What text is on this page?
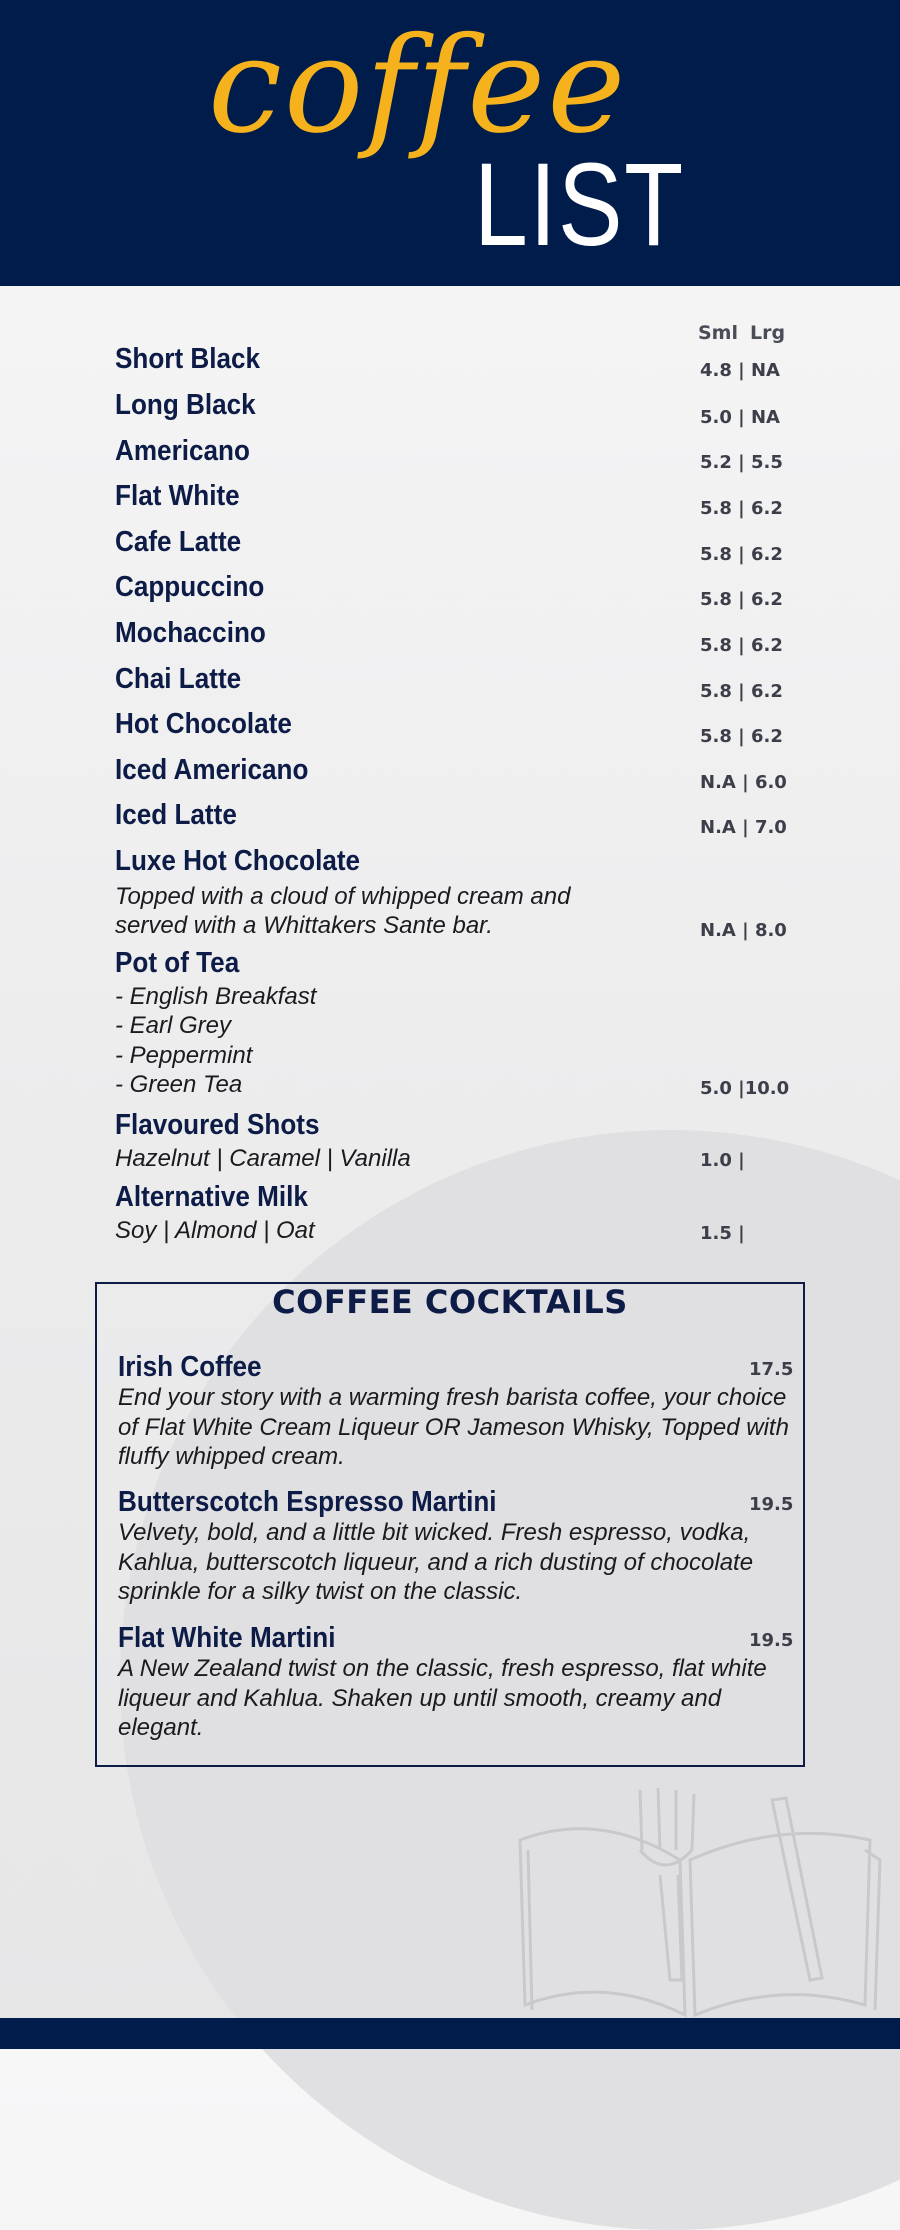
coffee
LIST
Sml Lrg
Short Black	4.8 | NA
Long Black	5.0 | NA
Americano	5.2 | 5.5
Flat White	5.8 | 6.2
Cafe Latte	5.8 | 6.2
Cappuccino	5.8 | 6.2
Mochaccino	5.8 | 6.2
Chai Latte	5.8 | 6.2
Hot Chocolate	5.8 | 6.2
Iced Americano	N.A | 6.0
Iced Latte	N.A | 7.0
Luxe Hot Chocolate
Topped with a cloud of whipped cream and
served with a Whittakers Sante bar.	N.A | 8.0
Pot of Tea
- English Breakfast
- Earl Grey
- Peppermint
- Green Tea	5.0 |10.0
Flavoured Shots
Hazelnut | Caramel | Vanilla	1.0 |
Alternative Milk
Soy | Almond | Oat	1.5 |
COFFEE COCKTAILS
Irish Coffee	17.5
End your story with a warming fresh barista coffee, your choice of Flat White Cream Liqueur OR Jameson Whisky, Topped with fluffy whipped cream.
Butterscotch Espresso Martini	19.5
Velvety, bold, and a little bit wicked. Fresh espresso, vodka, Kahlua, butterscotch liqueur, and a rich dusting of chocolate sprinkle for a silky twist on the classic.
Flat White Martini	19.5
A New Zealand twist on the classic, fresh espresso, flat white liqueur and Kahlua. Shaken up until smooth, creamy and elegant.
